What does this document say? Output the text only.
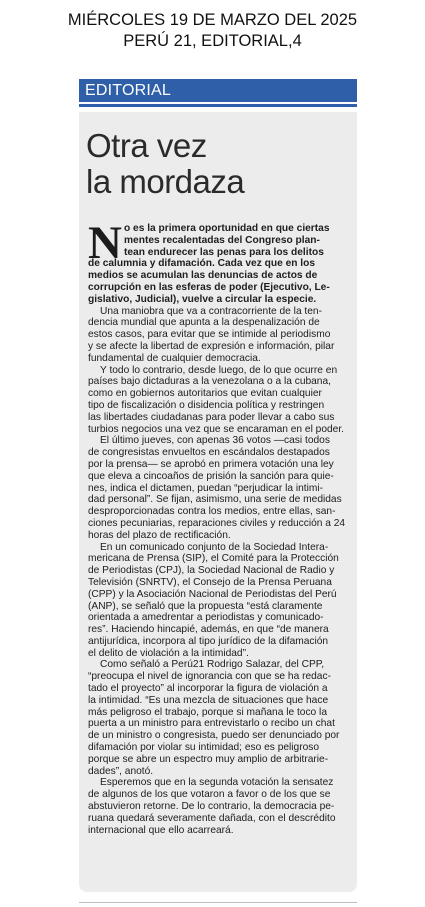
MIÉRCOLES 19 DE MARZO DEL 2025
PERÚ 21, EDITORIAL,4
EDITORIAL
Otra vez
la mordaza
N o es la primera oportunidad en que ciertas
mentes recalentadas del Congreso plan-
tean endurecer las penas para los delitos
de calumnia y difamación. Cada vez que en los
medios se acumulan las denuncias de actos de
corrupción en las esferas de poder (Ejecutivo, Le-
gislativo, Judicial), vuelve a circular la especie.
Una maniobra que va a contracorriente de la ten-
dencia mundial que apunta a la despenalización de
estos casos, para evitar que se intimide al periodismo
y se afecte la libertad de expresión e información, pilar
fundamental de cualquier democracia.
Y todo lo contrario, desde luego, de lo que ocurre en
países bajo dictaduras a la venezolana o a la cubana,
como en gobiernos autoritarios que evitan cualquier
tipo de fiscalización o disidencia política y restringen
las libertades ciudadanas para poder llevar a cabo sus
turbios negocios una vez que se encaraman en el poder.
El último jueves, con apenas 36 votos —casi todos
de congresistas envueltos en escándalos destapados
por la prensa— se aprobó en primera votación una ley
que eleva a cincoaños de prisión la sanción para quie-
nes, indica el dictamen, puedan “perjudicar la intimi-
dad personal”. Se fijan, asimismo, una serie de medidas
desproporcionadas contra los medios, entre ellas, san-
ciones pecuniarias, reparaciones civiles y reducción a 24
horas del plazo de rectificación.
En un comunicado conjunto de la Sociedad Intera-
mericana de Prensa (SIP), el Comité para la Protección
de Periodistas (CPJ), la Sociedad Nacional de Radio y
Televisión (SNRTV), el Consejo de la Prensa Peruana
(CPP) y la Asociación Nacional de Periodistas del Perú
(ANP), se señaló que la propuesta “está claramente
orientada a amedrentar a periodistas y comunicado-
res”. Haciendo hincapié, además, en que “de manera
antijurídica, incorpora al tipo jurídico de la difamación
el delito de violación a la intimidad”.
Como señaló a Perú21 Rodrigo Salazar, del CPP,
“preocupa el nivel de ignorancia con que se ha redac-
tado el proyecto” al incorporar la figura de violación a
la intimidad. “Es una mezcla de situaciones que hace
más peligroso el trabajo, porque si mañana le toco la
puerta a un ministro para entrevistarlo o recibo un chat
de un ministro o congresista, puedo ser denunciado por
difamación por violar su intimidad; eso es peligroso
porque se abre un espectro muy amplio de arbitrarie-
dades”, anotó.
Esperemos que en la segunda votación la sensatez
de algunos de los que votaron a favor o de los que se
abstuvieron retorne. De lo contrario, la democracia pe-
ruana quedará severamente dañada, con el descrédito
internacional que ello acarreará.
